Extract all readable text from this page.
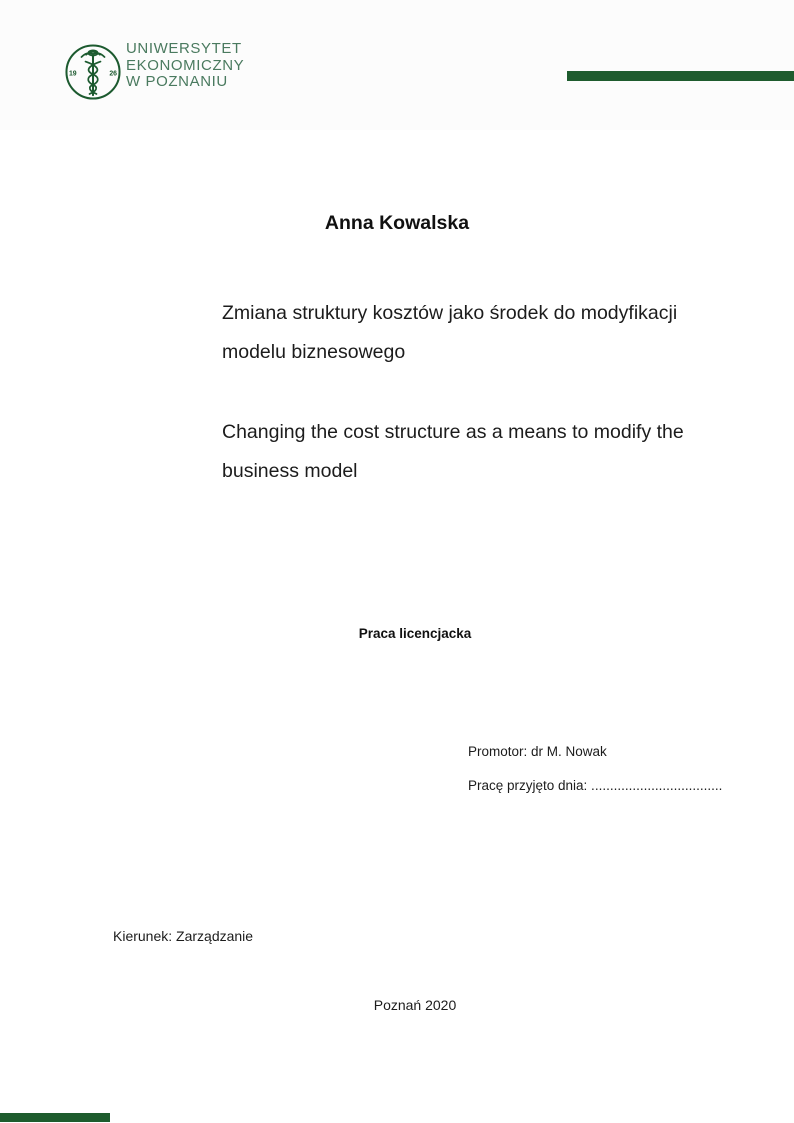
19	26
UNIWERSYTET
EKONOMICZNY
W POZNANIU
Anna Kowalska
Zmiana struktury kosztów jako środek do modyfikacji
modelu biznesowego
Changing the cost structure as a means to modify the
business model
Praca licencjacka
Promotor: dr M. Nowak
Pracę przyjęto dnia: ...................................
Kierunek: Zarządzanie
Poznań 2020
